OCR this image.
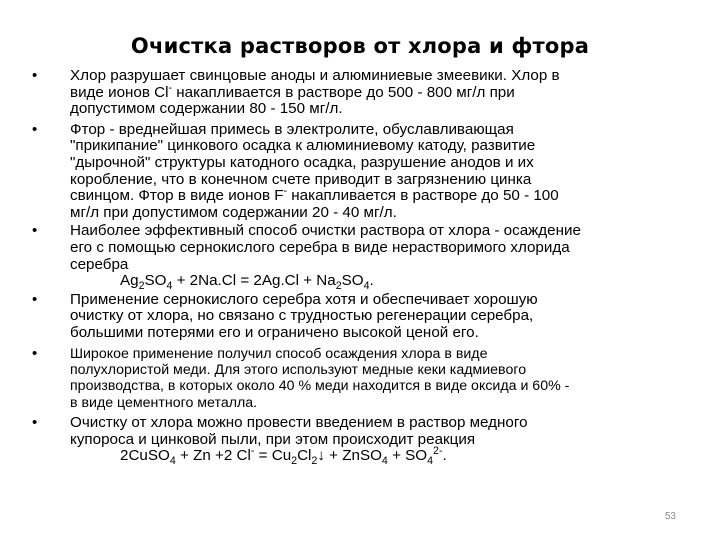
Очистка растворов от хлора и фтора
• Хлор разрушает свинцовые аноды и алюминиевые змеевики. Хлор в
виде ионов Cl- накапливается в растворе до 500 - 800 мг/л при
допустимом содержании 80 - 150 мг/л.
• Фтор - вреднейшая примесь в электролите, обуславливающая
"прикипание" цинкового осадка к алюминиевому катоду, развитие
"дырочной" структуры катодного осадка, разрушение анодов и их
коробление, что в конечном счете приводит в загрязнению цинка
свинцом. Фтор в виде ионов F- накапливается в растворе до 50 - 100
мг/л при допустимом содержании 20 - 40 мг/л.
• Наиболее эффективный способ очистки раствора от хлора - осаждение
его с помощью сернокислого серебра в виде нерастворимого хлорида
серебра
$Ag_2SO_4 + 2Na.Cl = 2Ag.Cl + Na_2SO_4$.
• Применение сернокислого серебра хотя и обеспечивает хорошую
очистку от хлора, но связано с трудностью регенерации серебра,
большими потерями его и ограничено высокой ценой его.
• Широкое применение получил способ осаждения хлора в виде
полухлористой меди. Для этого используют медные кеки кадмиевого
производства, в которых около 40 % меди находится в виде оксида и 60% -
в виде цементного металла.
• Очистку от хлора можно провести введением в раствор медного
купороса и цинковой пыли, при этом происходит реакция
2CuSO$_4$ + Zn +2 $Cl^- = Cu_2Cl_2↓$ + ZnSO$_4$ + $SO_4^{2-}$.
53
